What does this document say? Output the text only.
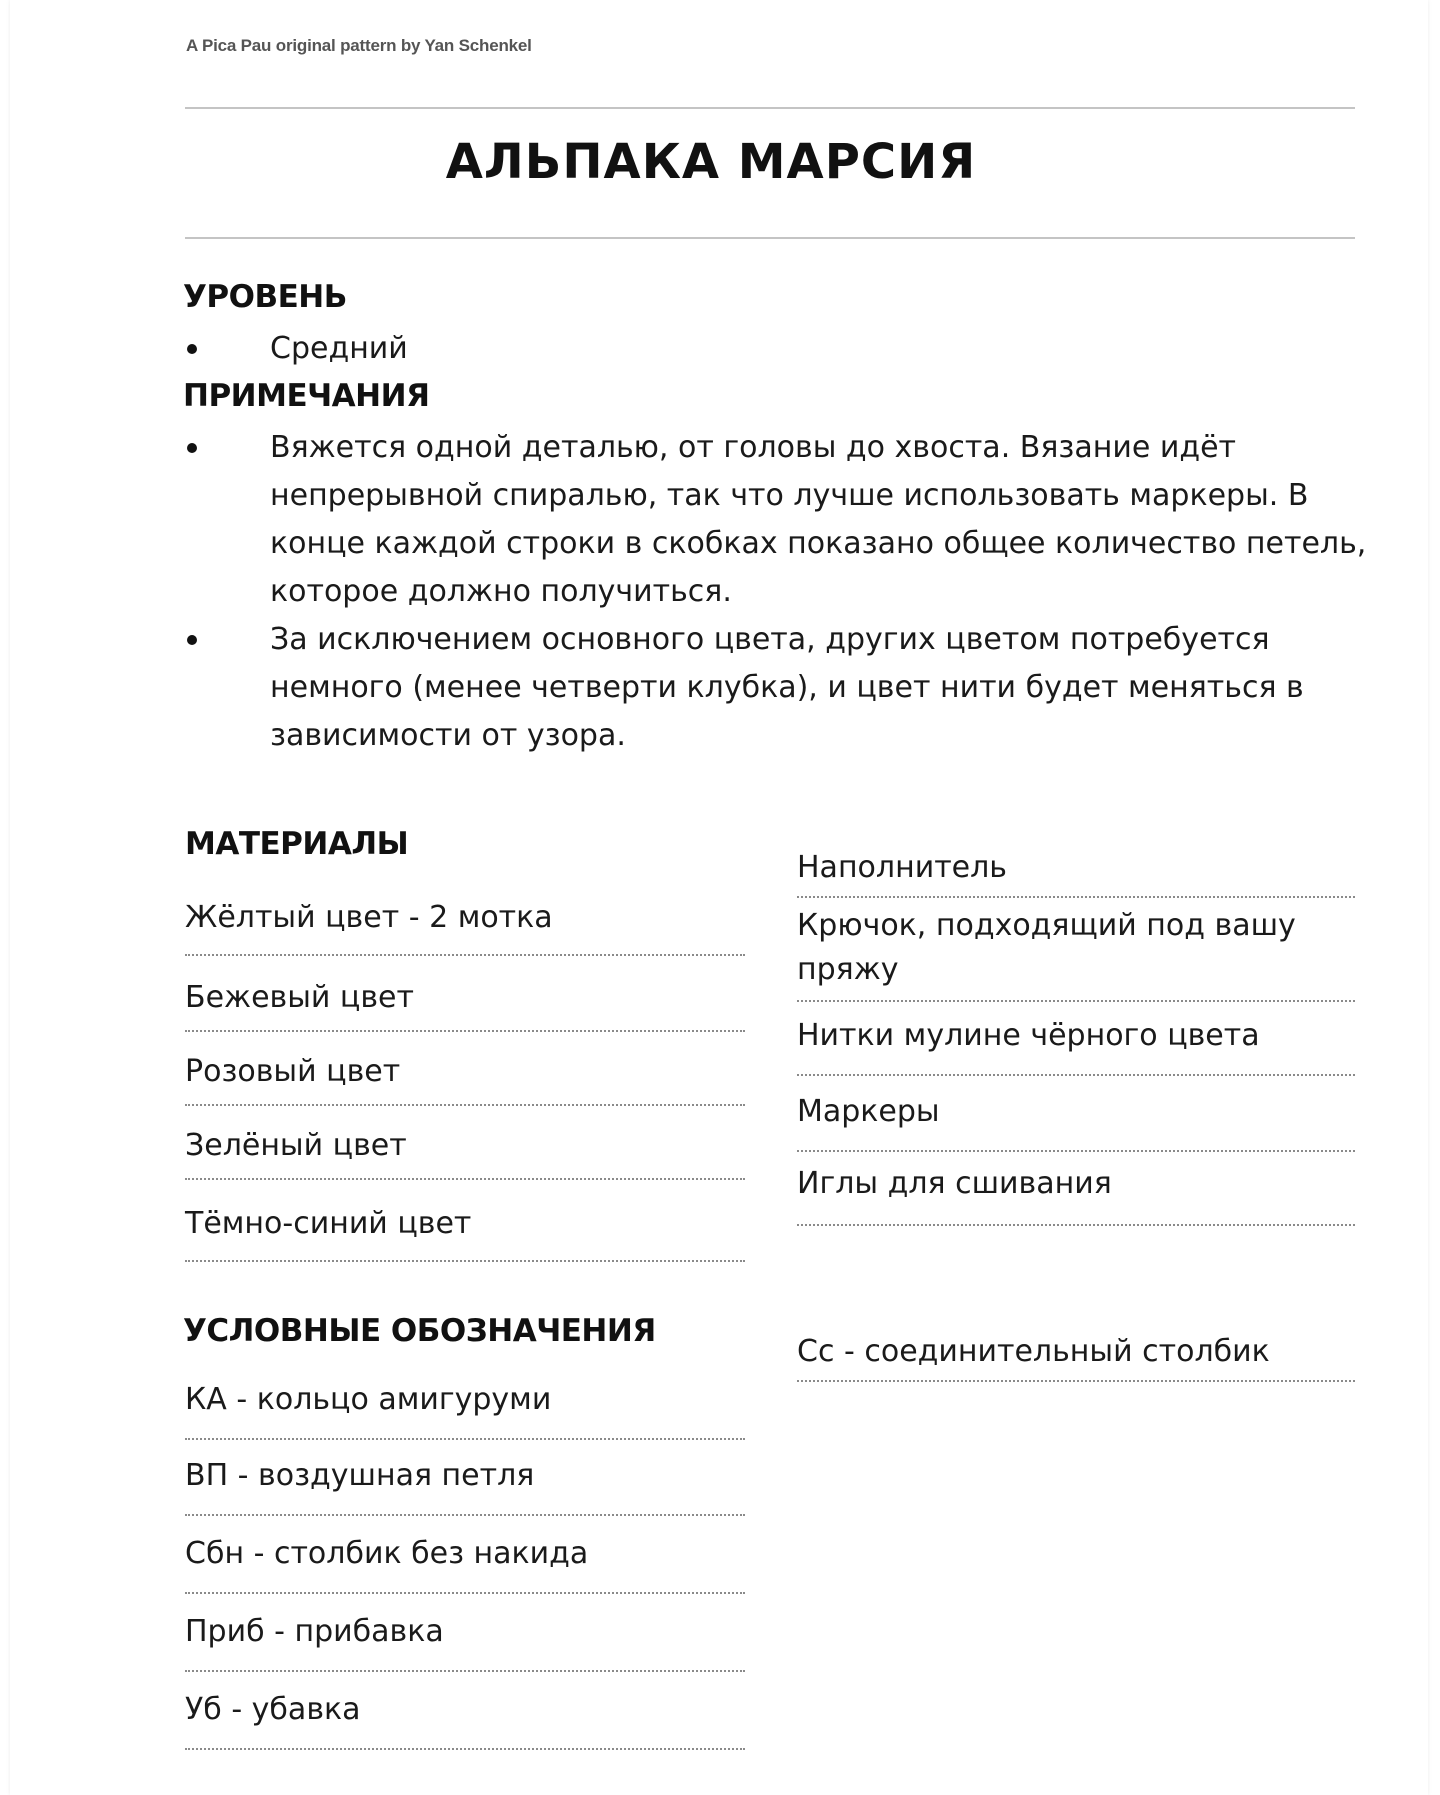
A Pica Pau original pattern by Yan Schenkel
АЛЬПАКА МАРСИЯ
УРОВЕНЬ
Средний
ПРИМЕЧАНИЯ
Вяжется одной деталью, от головы до хвоста. Вязание идёт непрерывной спиралью, так что лучше использовать маркеры. В конце каждой строки в скобках показано общее количество петель, которое должно получиться.
За исключением основного цвета, других цветом потребуется немного (менее четверти клубка), и цвет нити будет меняться в зависимости от узора.
МАТЕРИАЛЫ
Жёлтый цвет - 2 мотка
Бежевый цвет
Розовый цвет
Зелёный цвет
Тёмно-синий цвет
Наполнитель
Крючок, подходящий под вашу пряжу
Нитки мулине чёрного цвета
Маркеры
Иглы для сшивания
УСЛОВНЫЕ ОБОЗНАЧЕНИЯ
КА - кольцо амигуруми
ВП - воздушная петля
Сбн - столбик без накида
Приб - прибавка
Уб - убавка
Сс - соединительный столбик
